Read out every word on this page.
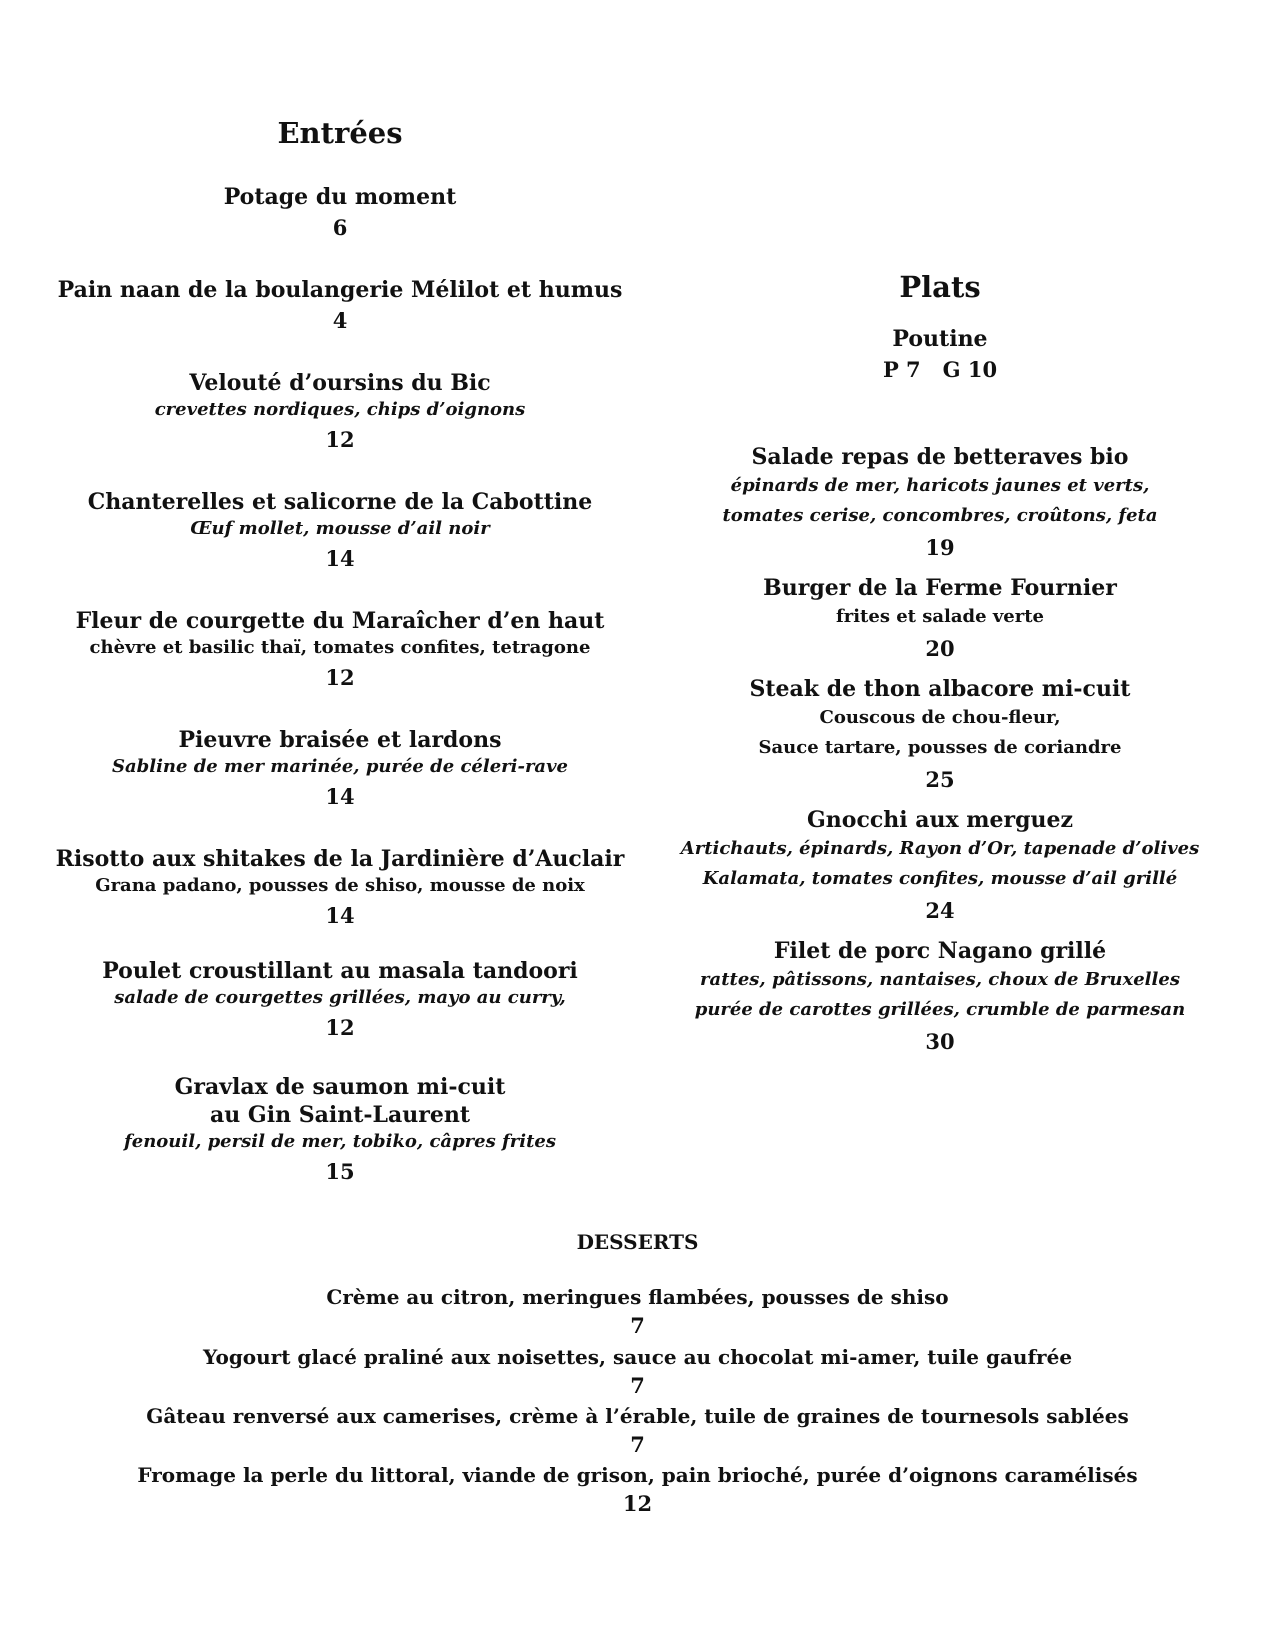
Entrées
Potage du moment
6
Pain naan de la boulangerie Mélilot et humus
4
Velouté d’oursins du Bic
crevettes nordiques, chips d’oignons
12
Chanterelles et salicorne de la Cabottine
Œuf mollet, mousse d’ail noir
14
Fleur de courgette du Maraîcher d’en haut
chèvre et basilic thaï, tomates confites, tetragone
12
Pieuvre braisée et lardons
Sabline de mer marinée, purée de céleri-rave
14
Risotto aux shitakes de la Jardinière d’Auclair
Grana padano, pousses de shiso, mousse de noix
14
Poulet croustillant au masala tandoori
salade de courgettes grillées, mayo au curry,
12
Gravlax de saumon mi-cuit
au Gin Saint-Laurent
fenouil, persil de mer, tobiko, câpres frites
15
Plats
Poutine
P 7   G 10
Salade repas de betteraves bio
épinards de mer, haricots jaunes et verts,
tomates cerise, concombres, croûtons, feta
19
Burger de la Ferme Fournier
frites et salade verte
20
Steak de thon albacore mi-cuit
Couscous de chou-fleur,
Sauce tartare, pousses de coriandre
25
Gnocchi aux merguez
Artichauts, épinards, Rayon d’Or, tapenade d’olives
Kalamata, tomates confites, mousse d’ail grillé
24
Filet de porc Nagano grillé
rattes, pâtissons, nantaises, choux de Bruxelles
purée de carottes grillées, crumble de parmesan
30
DESSERTS
Crème au citron, meringues flambées, pousses de shiso
7
Yogourt glacé praliné aux noisettes, sauce au chocolat mi-amer, tuile gaufrée
7
Gâteau renversé aux camerises, crème à l’érable, tuile de graines de tournesols sablées
7
Fromage la perle du littoral, viande de grison, pain brioché, purée d’oignons caramélisés
12
